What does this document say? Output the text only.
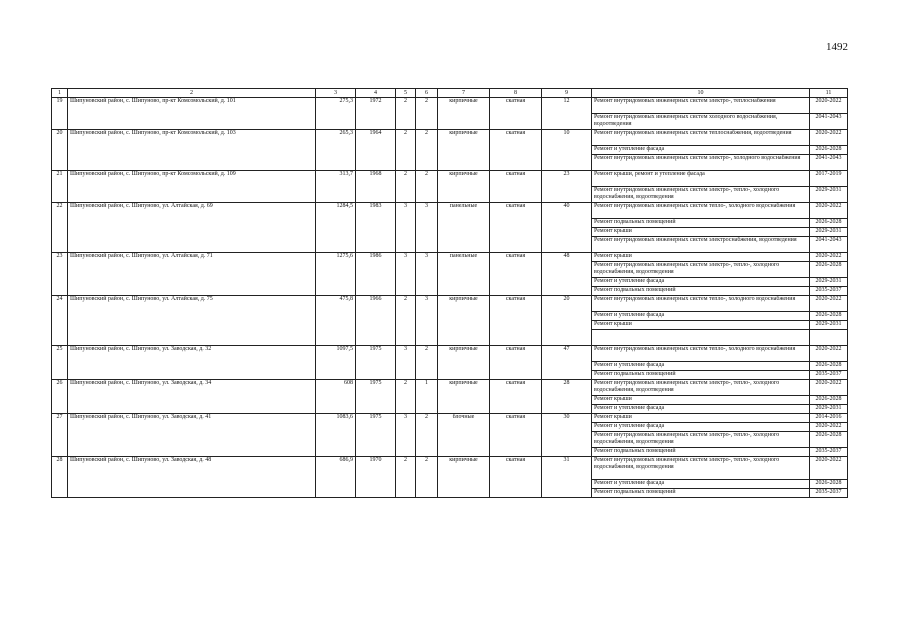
1492
1	2	3	4	5	6	7	8	9	10	11
19	Шипуновский район, с. Шипуново, пр-кт Комсомольский, д. 101	275,3	1972	2	2	кирпичные	скатная	12	Ремонт внутридомовых инженерных систем электро-, теплоснабжения	2020-2022
									Ремонт внутридомовых инженерных систем холодного водоснабжения, водоотведения	2041-2043
20	Шипуновский район, с. Шипуново, пр-кт Комсомольский, д. 103	265,3	1964	2	2	кирпичные	скатная	10	Ремонт внутридомовых инженерных систем теплоснабжения, водоотведения	2020-2022
									Ремонт и утепление фасада	2026-2028
									Ремонт внутридомовых инженерных систем электро-, холодного водоснабжения	2041-2043
21	Шипуновский район, с. Шипуново, пр-кт Комсомольский, д. 109	313,7	1968	2	2	кирпичные	скатная	23	Ремонт крыши, ремонт и утепление фасада	2017-2019
									Ремонт внутридомовых инженерных систем электро-, тепло-, холодного водоснабжения, водоотведения	2029-2031
22	Шипуновский район, с. Шипуново, ул. Алтайская, д. 69	1284,5	1983	3	3	панельные	скатная	40	Ремонт внутридомовых инженерных систем тепло-, холодного водоснабжения	2020-2022
									Ремонт подвальных помещений	2026-2028
									Ремонт крыши	2029-2031
									Ремонт внутридомовых инженерных систем электроснабжения, водоотведения	2041-2043
23	Шипуновский район, с. Шипуново, ул. Алтайская, д. 71	1275,6	1986	3	3	панельные	скатная	48	Ремонт крыши	2020-2022
									Ремонт внутридомовых инженерных систем электро-, тепло-, холодного водоснабжения, водоотведения	2026-2028
									Ремонт и утепление фасада	2029-2031
									Ремонт подвальных помещений	2035-2037
24	Шипуновский район, с. Шипуново, ул. Алтайская, д. 75	475,8	1966	2	3	кирпичные	скатная	20	Ремонт внутридомовых инженерных систем тепло-, холодного водоснабжения	2020-2022
									Ремонт и утепление фасада	2026-2028
									Ремонт крыши	2029-2031

25	Шипуновский район, с. Шипуново, ул. Заводская, д. 32	1097,5	1975	3	2	кирпичные	скатная	47	Ремонт внутридомовых инженерных систем тепло-, холодного водоснабжения	2020-2022
									Ремонт и утепление фасада	2026-2028
									Ремонт подвальных помещений	2035-2037
26	Шипуновский район, с. Шипуново, ул. Заводская, д. 34	608	1975	2	1	кирпичные	скатная	28	Ремонт внутридомовых инженерных систем электро-, тепло-, холодного водоснабжения, водоотведения	2020-2022
									Ремонт крыши	2026-2028
									Ремонт и утепление фасада	2029-2031
27	Шипуновский район, с. Шипуново, ул. Заводская, д. 41	1083,6	1975	3	2	блочные	скатная	30	Ремонт крыши	2014-2016
									Ремонт и утепление фасада	2020-2022
									Ремонт внутридомовых инженерных систем электро-, тепло-, холодного водоснабжения, водоотведения	2026-2028
									Ремонт подвальных помещений	2035-2037
28	Шипуновский район, с. Шипуново, ул. Заводская, д. 48	686,9	1970	2	2	кирпичные	скатная	31	Ремонт внутридомовых инженерных систем электро-, тепло-, холодного водоснабжения, водоотведения	2020-2022
									Ремонт и утепление фасада	2026-2028
									Ремонт подвальных помещений	2035-2037
